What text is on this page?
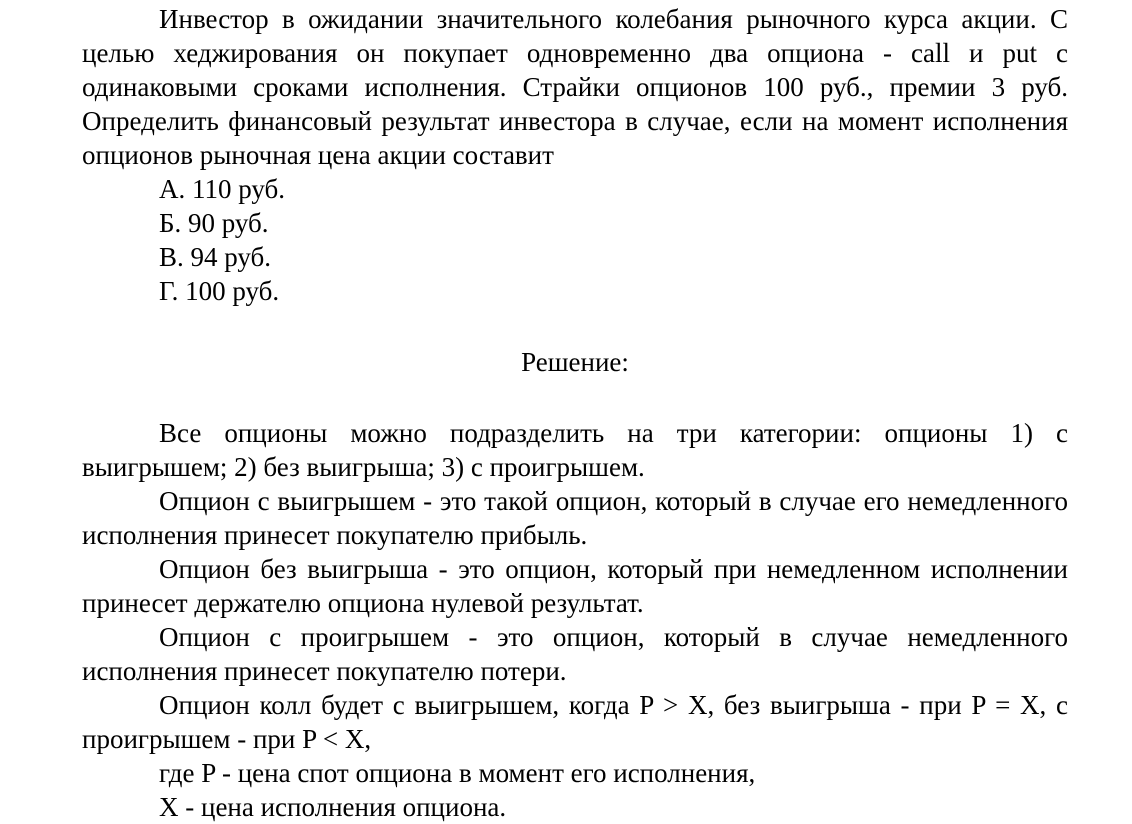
Инвестор в ожидании значительного колебания рыночного курса акции. С целью хеджирования он покупает одновременно два опциона - call и put с одинаковыми сроками исполнения. Страйки опционов 100 руб., премии 3 руб. Определить финансовый результат инвестора в случае, если на момент исполнения опционов рыночная цена акции составит

А. 110 руб.
Б. 90 руб.
В. 94 руб.
Г. 100 руб.
Решение:

Все опционы можно подразделить на три категории: опционы 1) с выигрышем; 2) без выигрыша; 3) с проигрышем.

Опцион с выигрышем - это такой опцион, который в случае его немедленного исполнения принесет покупателю прибыль.

Опцион без выигрыша - это опцион, который при немедленном исполнении принесет держателю опциона нулевой результат.

Опцион с проигрышем - это опцион, который в случае немедленного исполнения принесет покупателю потери.

Опцион колл будет с выигрышем, когда P > X, без выигрыша - при P = X, с проигрышем - при P < X,

где P - цена спот опциона в момент его исполнения,

X - цена исполнения опциона.
